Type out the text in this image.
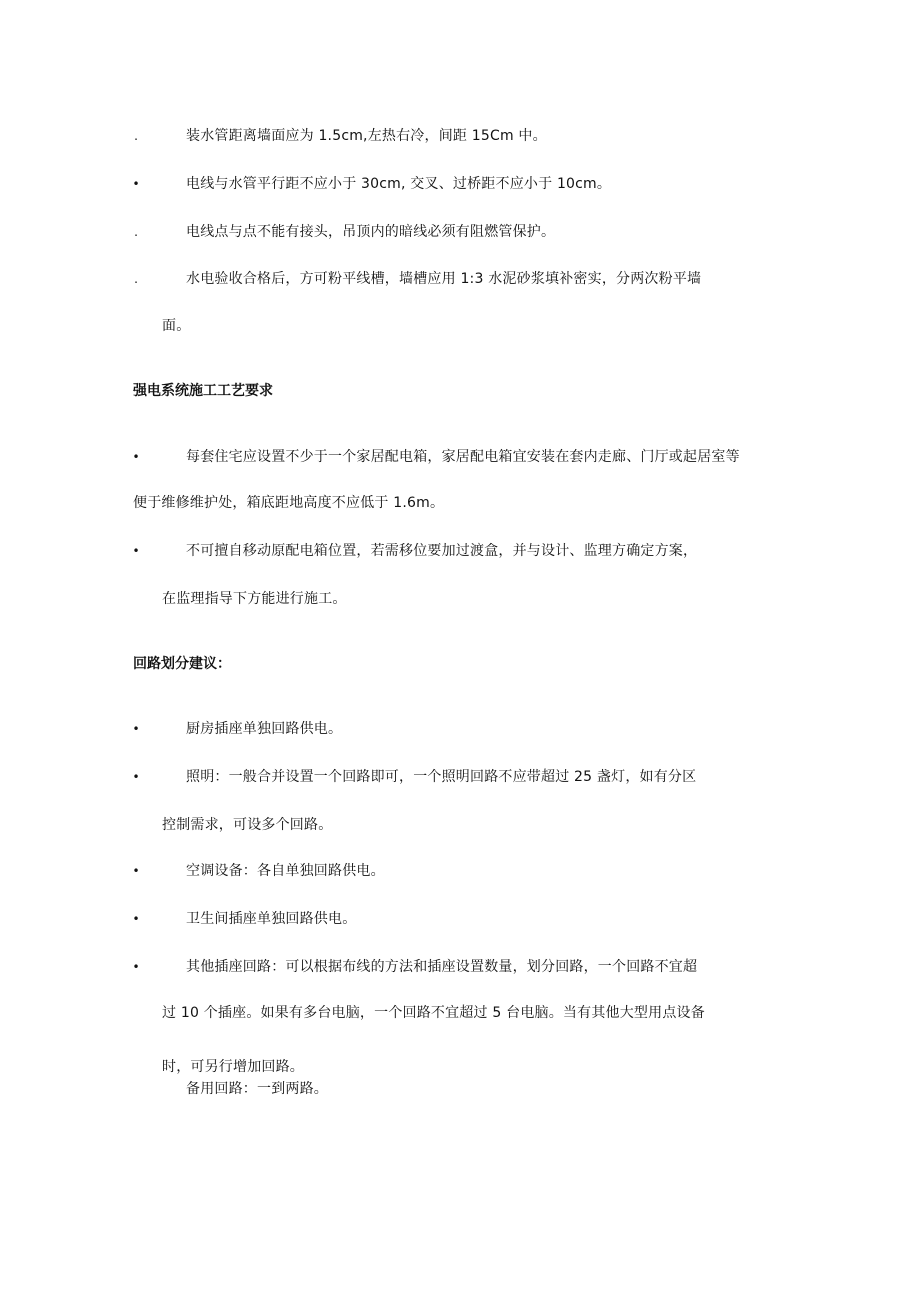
.	装水管距离墙面应为 1.5cm,左热右冷，间距 15Cm 中。
•	电线与水管平行距不应小于 30cm, 交叉、过桥距不应小于 10cm。
.	电线点与点不能有接头，吊顶内的暗线必须有阻燃管保护。
.	水电验收合格后，方可粉平线槽，墙槽应用 1:3 水泥砂浆填补密实，分两次粉平墙
面。
强电系统施工工艺要求
•	每套住宅应设置不少于一个家居配电箱，家居配电箱宜安装在套内走廊、门厅或起居室等
便于维修维护处，箱底距地高度不应低于 1.6m。
•	不可擅自移动原配电箱位置，若需移位要加过渡盒，并与设计、监理方确定方案，
在监理指导下方能进行施工。
回路划分建议：
•	厨房插座单独回路供电。
•	照明：一般合并设置一个回路即可，一个照明回路不应带超过 25 盏灯，如有分区
控制需求，可设多个回路。
•	空调设备：各自单独回路供电。
•	卫生间插座单独回路供电。
•	其他插座回路：可以根据布线的方法和插座设置数量，划分回路，一个回路不宜超
过 10 个插座。如果有多台电脑，一个回路不宜超过 5 台电脑。当有其他大型用点设备
时，可另行增加回路。
备用回路：一到两路。
